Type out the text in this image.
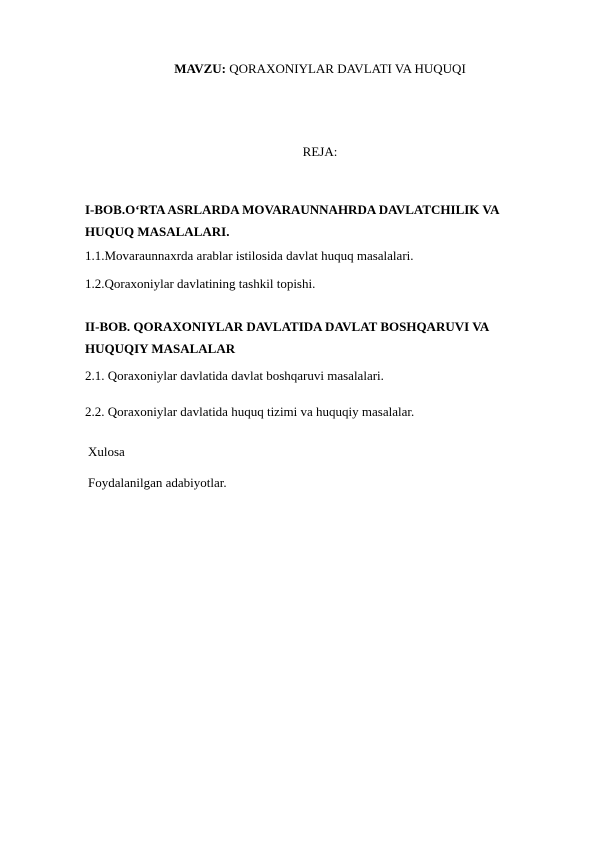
MAVZU: QORAXONIYLAR DAVLATI VA HUQUQI
REJA:
I-BOB.O‘RTA ASRLARDA MOVARAUNNAHRDA DAVLATCHILIK VA
HUQUQ MASALALARI.
1.1.Movaraunnaxrda arablar istilosida davlat huquq masalalari.
1.2.Qoraxoniylar davlatining tashkil topishi.
II-BOB. QORAXONIYLAR DAVLATIDA DAVLAT BOSHQARUVI VA
HUQUQIY MASALALAR
2.1. Qoraxoniylar davlatida davlat boshqaruvi masalalari.
2.2. Qoraxoniylar davlatida huquq tizimi va huquqiy masalalar.
Xulosa
Foydalanilgan adabiyotlar.
